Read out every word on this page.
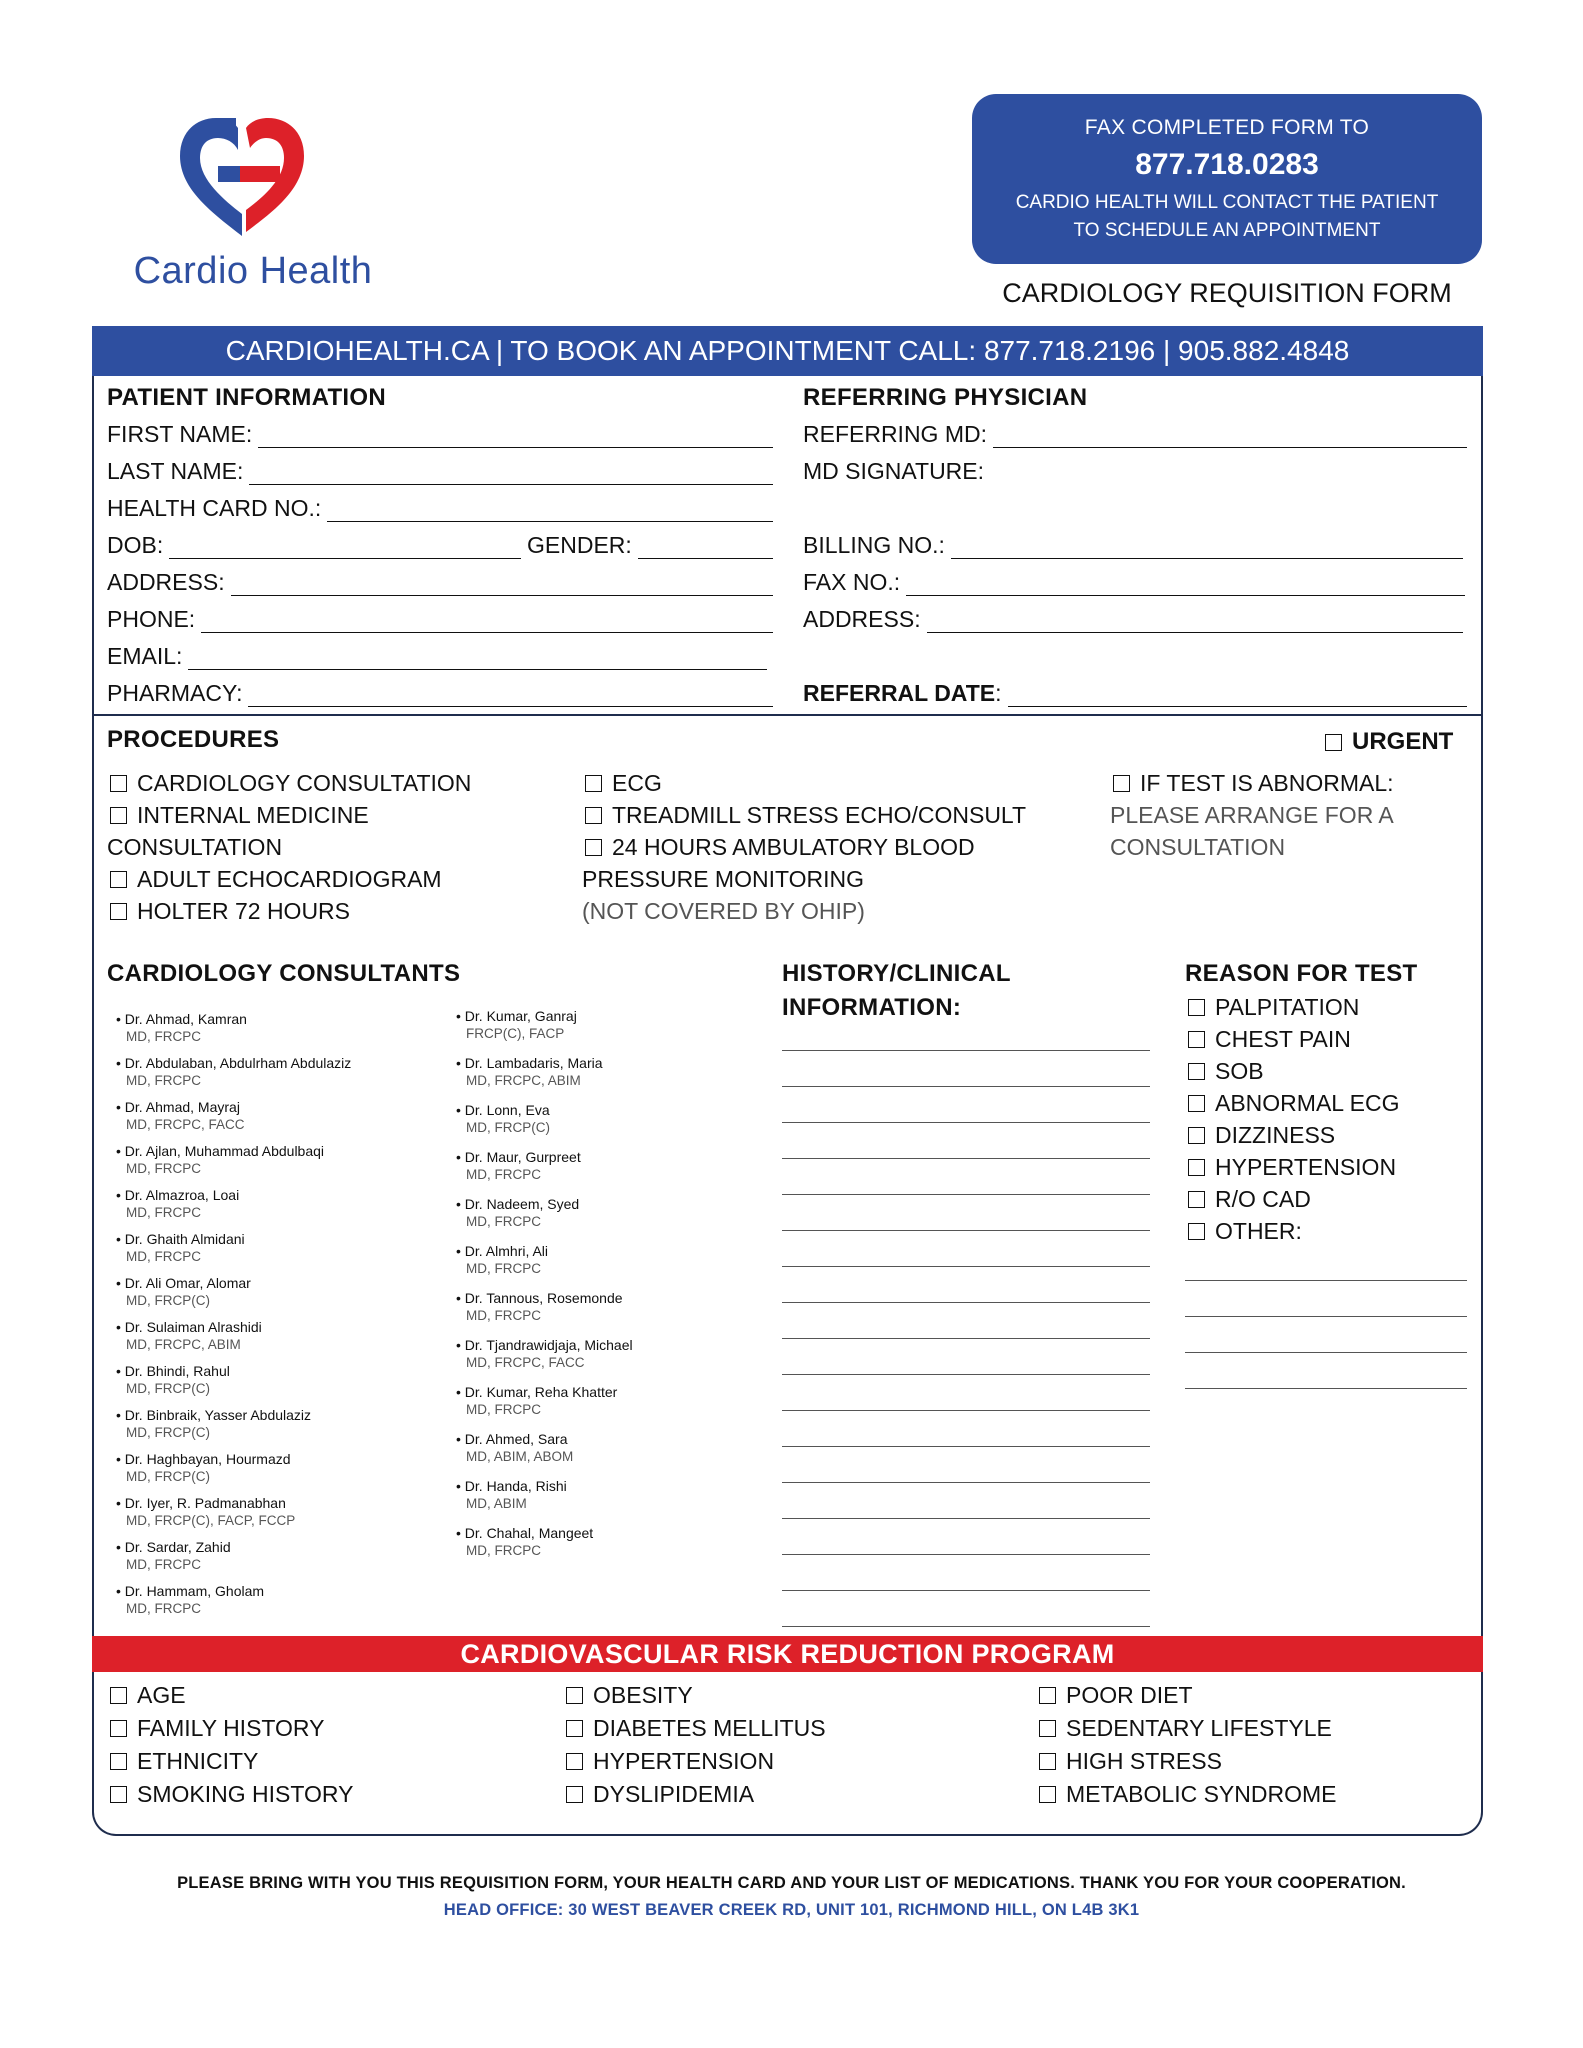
Cardio Health
FAX COMPLETED FORM TO
877.718.0283
CARDIO HEALTH WILL CONTACT THE PATIENT
TO SCHEDULE AN APPOINTMENT
CARDIOLOGY REQUISITION FORM
CARDIOHEALTH.CA | TO BOOK AN APPOINTMENT CALL: 877.718.2196 | 905.882.4848
PATIENT INFORMATION
FIRST NAME:
LAST NAME:
HEALTH CARD NO.:
DOB:	GENDER:
ADDRESS:
PHONE:
EMAIL:
PHARMACY:
REFERRING PHYSICIAN
REFERRING MD:
MD SIGNATURE:
BILLING NO.:
FAX NO.:
ADDRESS:
REFERRAL DATE:
PROCEDURES	URGENT
CARDIOLOGY CONSULTATION
INTERNAL MEDICINE
CONSULTATION
ADULT ECHOCARDIOGRAM
HOLTER 72 HOURS
ECG
TREADMILL STRESS ECHO/CONSULT
24 HOURS AMBULATORY BLOOD
PRESSURE MONITORING
(NOT COVERED BY OHIP)
IF TEST IS ABNORMAL:
PLEASE ARRANGE FOR A
CONSULTATION
CARDIOLOGY CONSULTANTS
• Dr. Ahmad, Kamran
MD, FRCPC
• Dr. Abdulaban, Abdulrham Abdulaziz
MD, FRCPC
• Dr. Ahmad, Mayraj
MD, FRCPC, FACC
• Dr. Ajlan, Muhammad Abdulbaqi
MD, FRCPC
• Dr. Almazroa, Loai
MD, FRCPC
• Dr. Ghaith Almidani
MD, FRCPC
• Dr. Ali Omar, Alomar
MD, FRCP(C)
• Dr. Sulaiman Alrashidi
MD, FRCPC, ABIM
• Dr. Bhindi, Rahul
MD, FRCP(C)
• Dr. Binbraik, Yasser Abdulaziz
MD, FRCP(C)
• Dr. Haghbayan, Hourmazd
MD, FRCP(C)
• Dr. Iyer, R. Padmanabhan
MD, FRCP(C), FACP, FCCP
• Dr. Sardar, Zahid
MD, FRCPC
• Dr. Hammam, Gholam
MD, FRCPC
• Dr. Kumar, Ganraj
FRCP(C), FACP
• Dr. Lambadaris, Maria
MD, FRCPC, ABIM
• Dr. Lonn, Eva
MD, FRCP(C)
• Dr. Maur, Gurpreet
MD, FRCPC
• Dr. Nadeem, Syed
MD, FRCPC
• Dr. Almhri, Ali
MD, FRCPC
• Dr. Tannous, Rosemonde
MD, FRCPC
• Dr. Tjandrawidjaja, Michael
MD, FRCPC, FACC
• Dr. Kumar, Reha Khatter
MD, FRCPC
• Dr. Ahmed, Sara
MD, ABIM, ABOM
• Dr. Handa, Rishi
MD, ABIM
• Dr. Chahal, Mangeet
MD, FRCPC
HISTORY/CLINICAL
INFORMATION:
REASON FOR TEST
PALPITATION
CHEST PAIN
SOB
ABNORMAL ECG
DIZZINESS
HYPERTENSION
R/O CAD
OTHER:
CARDIOVASCULAR RISK REDUCTION PROGRAM
AGE
FAMILY HISTORY
ETHNICITY
SMOKING HISTORY
OBESITY
DIABETES MELLITUS
HYPERTENSION
DYSLIPIDEMIA
POOR DIET
SEDENTARY LIFESTYLE
HIGH STRESS
METABOLIC SYNDROME
PLEASE BRING WITH YOU THIS REQUISITION FORM, YOUR HEALTH CARD AND YOUR LIST OF MEDICATIONS. THANK YOU FOR YOUR COOPERATION.
HEAD OFFICE: 30 WEST BEAVER CREEK RD, UNIT 101, RICHMOND HILL, ON L4B 3K1
